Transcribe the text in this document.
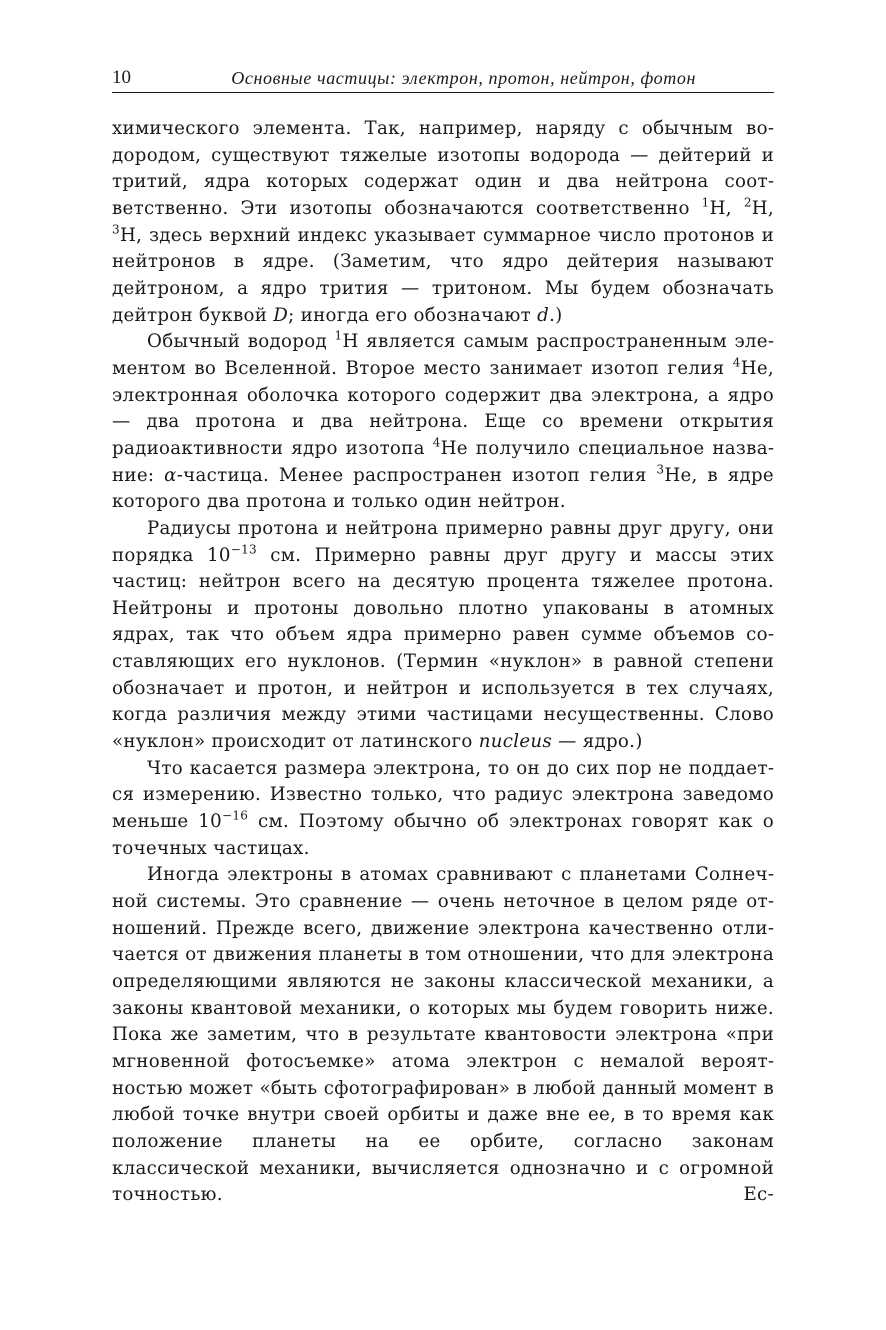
10	Основные частицы: электрон, протон, нейтрон, фотон

химического элемента. Так, например, наряду с обычным водородом, существуют тяжелые изотопы водорода — дейтерий и тритий, ядра которых содержат один и два нейтрона соответственно. Эти изотопы обозначаются соответственно $^1$H, $^2$H, $^3$H, здесь верхний индекс указывает суммарное число протонов и нейтронов в ядре. (Заметим, что ядро дейтерия называют дейтроном, а ядро трития — тритоном. Мы будем обозначать дейтрон буквой D; иногда его обозначают d.)

Обычный водород $^1$H является самым распространенным элементом во Вселенной. Второе место занимает изотоп гелия $^4$He, электронная оболочка которого содержит два электрона, а ядро — два протона и два нейтрона. Еще со времени открытия радиоактивности ядро изотопа $^4$He получило специальное название: α-частица. Менее распространен изотоп гелия $^3$He, в ядре которого два протона и только один нейтрон.

Радиусы протона и нейтрона примерно равны друг другу, они порядка $10^{-13}$ см. Примерно равны друг другу и массы этих частиц: нейтрон всего на десятую процента тяжелее протона. Нейтроны и протоны довольно плотно упакованы в атомных ядрах, так что объем ядра примерно равен сумме объемов составляющих его нуклонов. (Термин «нуклон» в равной степени обозначает и протон, и нейтрон и используется в тех случаях, когда различия между этими частицами несущественны. Слово «нуклон» происходит от латинского nucleus — ядро.)

Что касается размера электрона, то он до сих пор не поддается измерению. Известно только, что радиус электрона заведомо меньше $10^{-16}$ см. Поэтому обычно об электронах говорят как о точечных частицах.

Иногда электроны в атомах сравнивают с планетами Солнечной системы. Это сравнение — очень неточное в целом ряде отношений. Прежде всего, движение электрона качественно отличается от движения планеты в том отношении, что для электрона определяющими являются не законы классической механики, а законы квантовой механики, о которых мы будем говорить ниже. Пока же заметим, что в результате квантовости электрона «при мгновенной фотосъемке» атома электрон с немалой вероятностью может «быть сфотографирован» в любой данный момент в любой точке внутри своей орбиты и даже вне ее, в то время как положение планеты на ее орбите, согласно законам классической механики, вычисляется однозначно и с огромной точностью. Ес-
